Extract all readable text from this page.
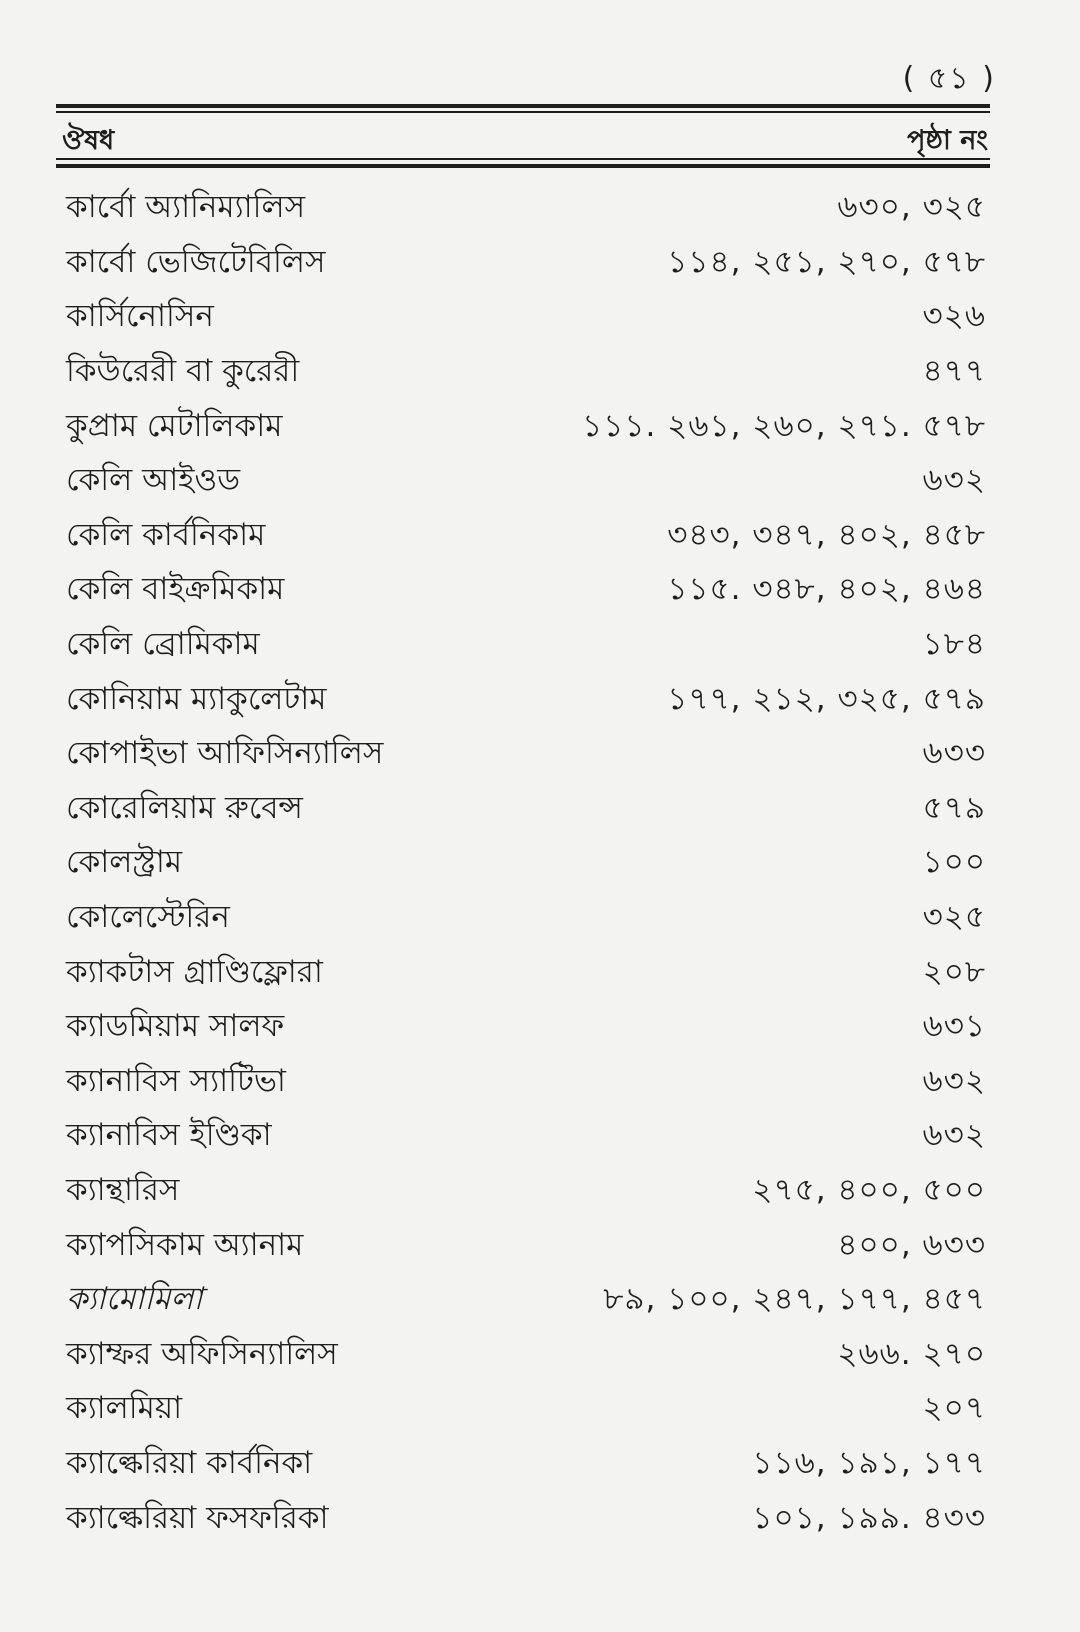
( ৫১ )
ঔষধ	পৃষ্ঠা নং
কার্বো অ্যানিম্যালিস	৬৩০, ৩২৫
কার্বো ভেজিটেবিলিস	১১৪, ২৫১, ২৭০, ৫৭৮
কার্সিনোসিন	৩২৬
কিউরেরী বা কুরেরী	৪৭৭
কুপ্রাম মেটালিকাম	১১১. ২৬১, ২৬০, ২৭১. ৫৭৮
কেলি আইওড	৬৩২
কেলি কার্বনিকাম	৩৪৩, ৩৪৭, ৪০২, ৪৫৮
কেলি বাইক্রমিকাম	১১৫. ৩৪৮, ৪০২, ৪৬৪
কেলি ব্রোমিকাম	১৮৪
কোনিয়াম ম্যাকুলেটাম	১৭৭, ২১২, ৩২৫, ৫৭৯
কোপাইভা আফিসিন্যালিস	৬৩৩
কোরেলিয়াম রুবেন্স	৫৭৯
কোলস্ট্রাম	১০০
কোলেস্টেরিন	৩২৫
ক্যাকটাস গ্রাণ্ডিফ্লোরা	২০৮
ক্যাডমিয়াম সালফ	৬৩১
ক্যানাবিস স্যাটিভা	৬৩২
ক্যানাবিস ইণ্ডিকা	৬৩২
ক্যান্থারিস	২৭৫, ৪০০, ৫০০
ক্যাপসিকাম অ্যানাম	৪০০, ৬৩৩
ক্যামোমিলা	৮৯, ১০০, ২৪৭, ১৭৭, ৪৫৭
ক্যাম্ফর অফিসিন্যালিস	২৬৬. ২৭০
ক্যালমিয়া	২০৭
ক্যাল্কেরিয়া কার্বনিকা	১১৬, ১৯১, ১৭৭
ক্যাল্কেরিয়া ফসফরিকা	১০১, ১৯৯. ৪৩৩
